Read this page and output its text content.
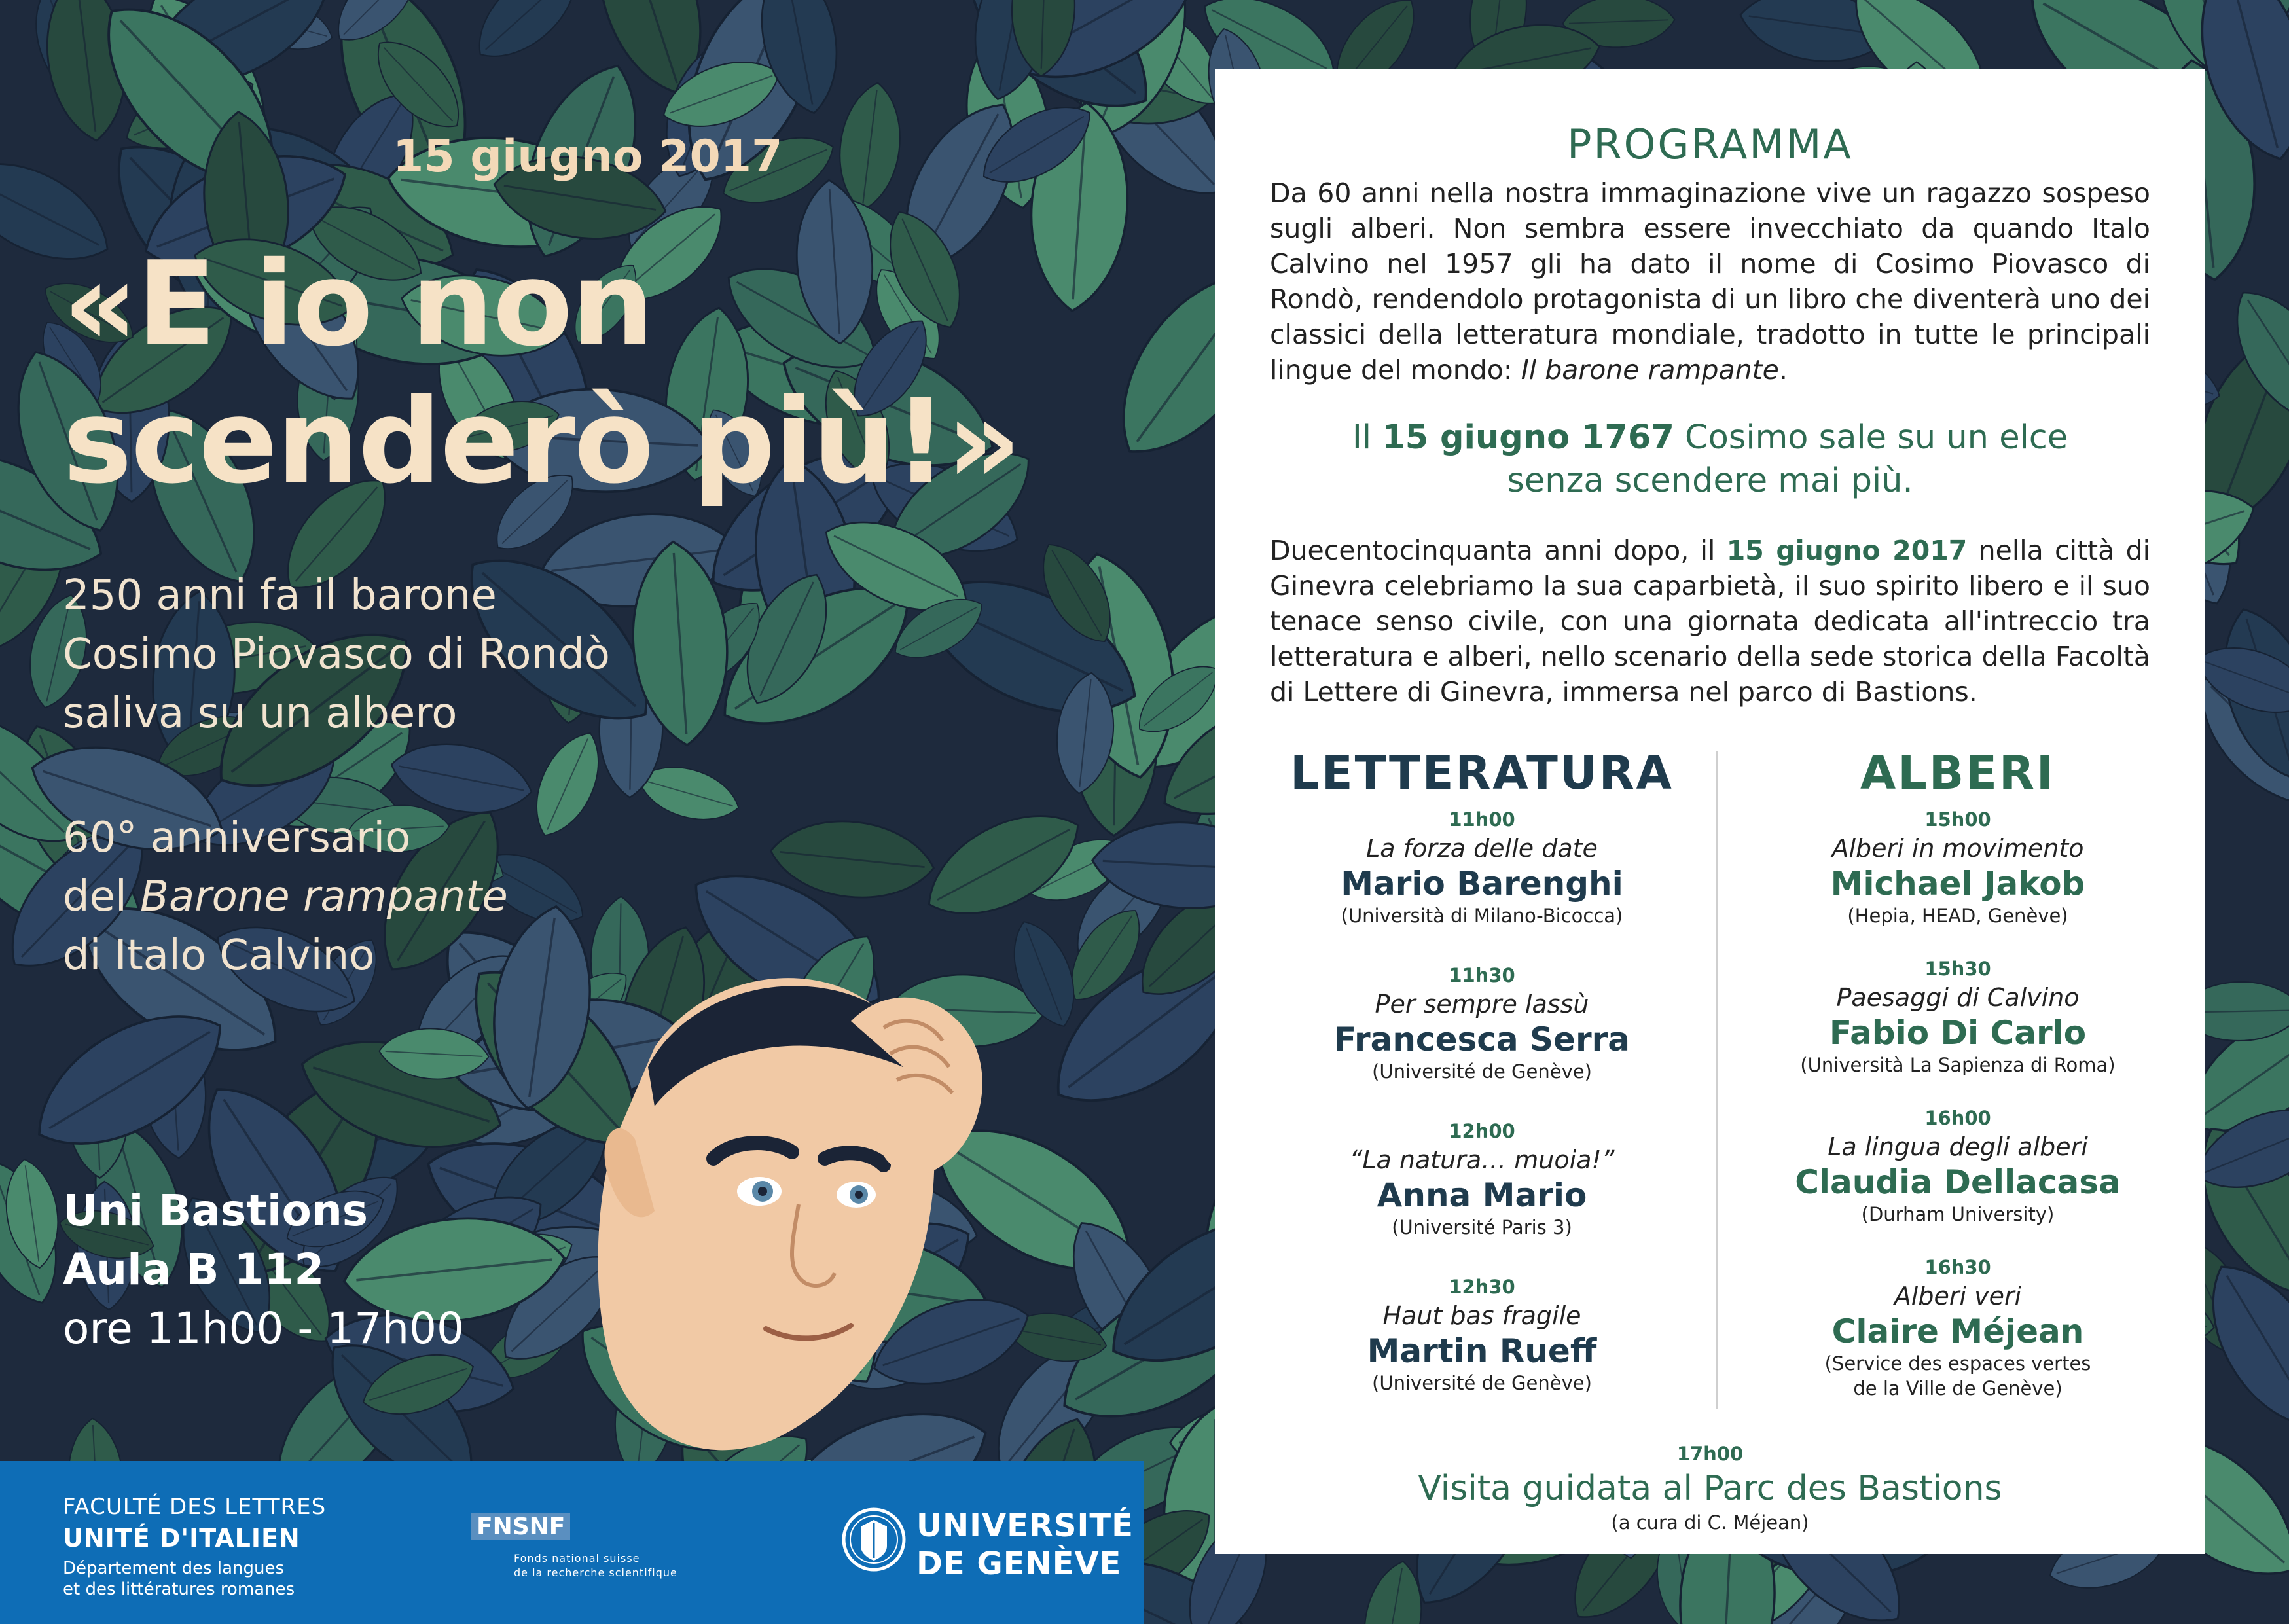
15 giugno 2017
«E io non
scenderò più!»
250 anni fa il barone
Cosimo Piovasco di Rondò
saliva su un albero
60° anniversario
del Barone rampante
di Italo Calvino
Uni Bastions
Aula B 112
ore 11h00 - 17h00
FACULTÉ DES LETTRES
UNITÉ D'ITALIEN
Département des langues
et des littératures romanes
FNSNF
Fonds national suisse
de la recherche scientifique
UNIVERSITÉ
DE GENÈVE
PROGRAMMA
Da 60 anni nella nostra immaginazione vive un ragazzo sospeso sugli alberi. Non sembra essere invecchiato da quando Italo Calvino nel 1957 gli ha dato il nome di Cosimo Piovasco di Rondò, rendendolo protagonista di un libro che diventerà uno dei classici della letteratura mondiale, tradotto in tutte le principali lingue del mondo: Il barone rampante.
Il 15 giugno 1767 Cosimo sale su un elce
senza scendere mai più.
Duecentocinquanta anni dopo, il 15 giugno 2017 nella città di Ginevra celebriamo la sua caparbietà, il suo spirito libero e il suo tenace senso civile, con una giornata dedicata all'intreccio tra letteratura e alberi, nello scenario della sede storica della Facoltà di Lettere di Ginevra, immersa nel parco di Bastions.
LETTERATURA
11h00
La forza delle date
Mario Barenghi
(Università di Milano-Bicocca)
11h30
Per sempre lassù
Francesca Serra
(Université de Genève)
12h00
“La natura… muoia!”
Anna Mario
(Université Paris 3)
12h30
Haut bas fragile
Martin Rueff
(Université de Genève)
ALBERI
15h00
Alberi in movimento
Michael Jakob
(Hepia, HEAD, Genève)
15h30
Paesaggi di Calvino
Fabio Di Carlo
(Università La Sapienza di Roma)
16h00
La lingua degli alberi
Claudia Dellacasa
(Durham University)
16h30
Alberi veri
Claire Méjean
(Service des espaces vertes
de la Ville de Genève)
17h00
Visita guidata al Parc des Bastions
(a cura di C. Méjean)
